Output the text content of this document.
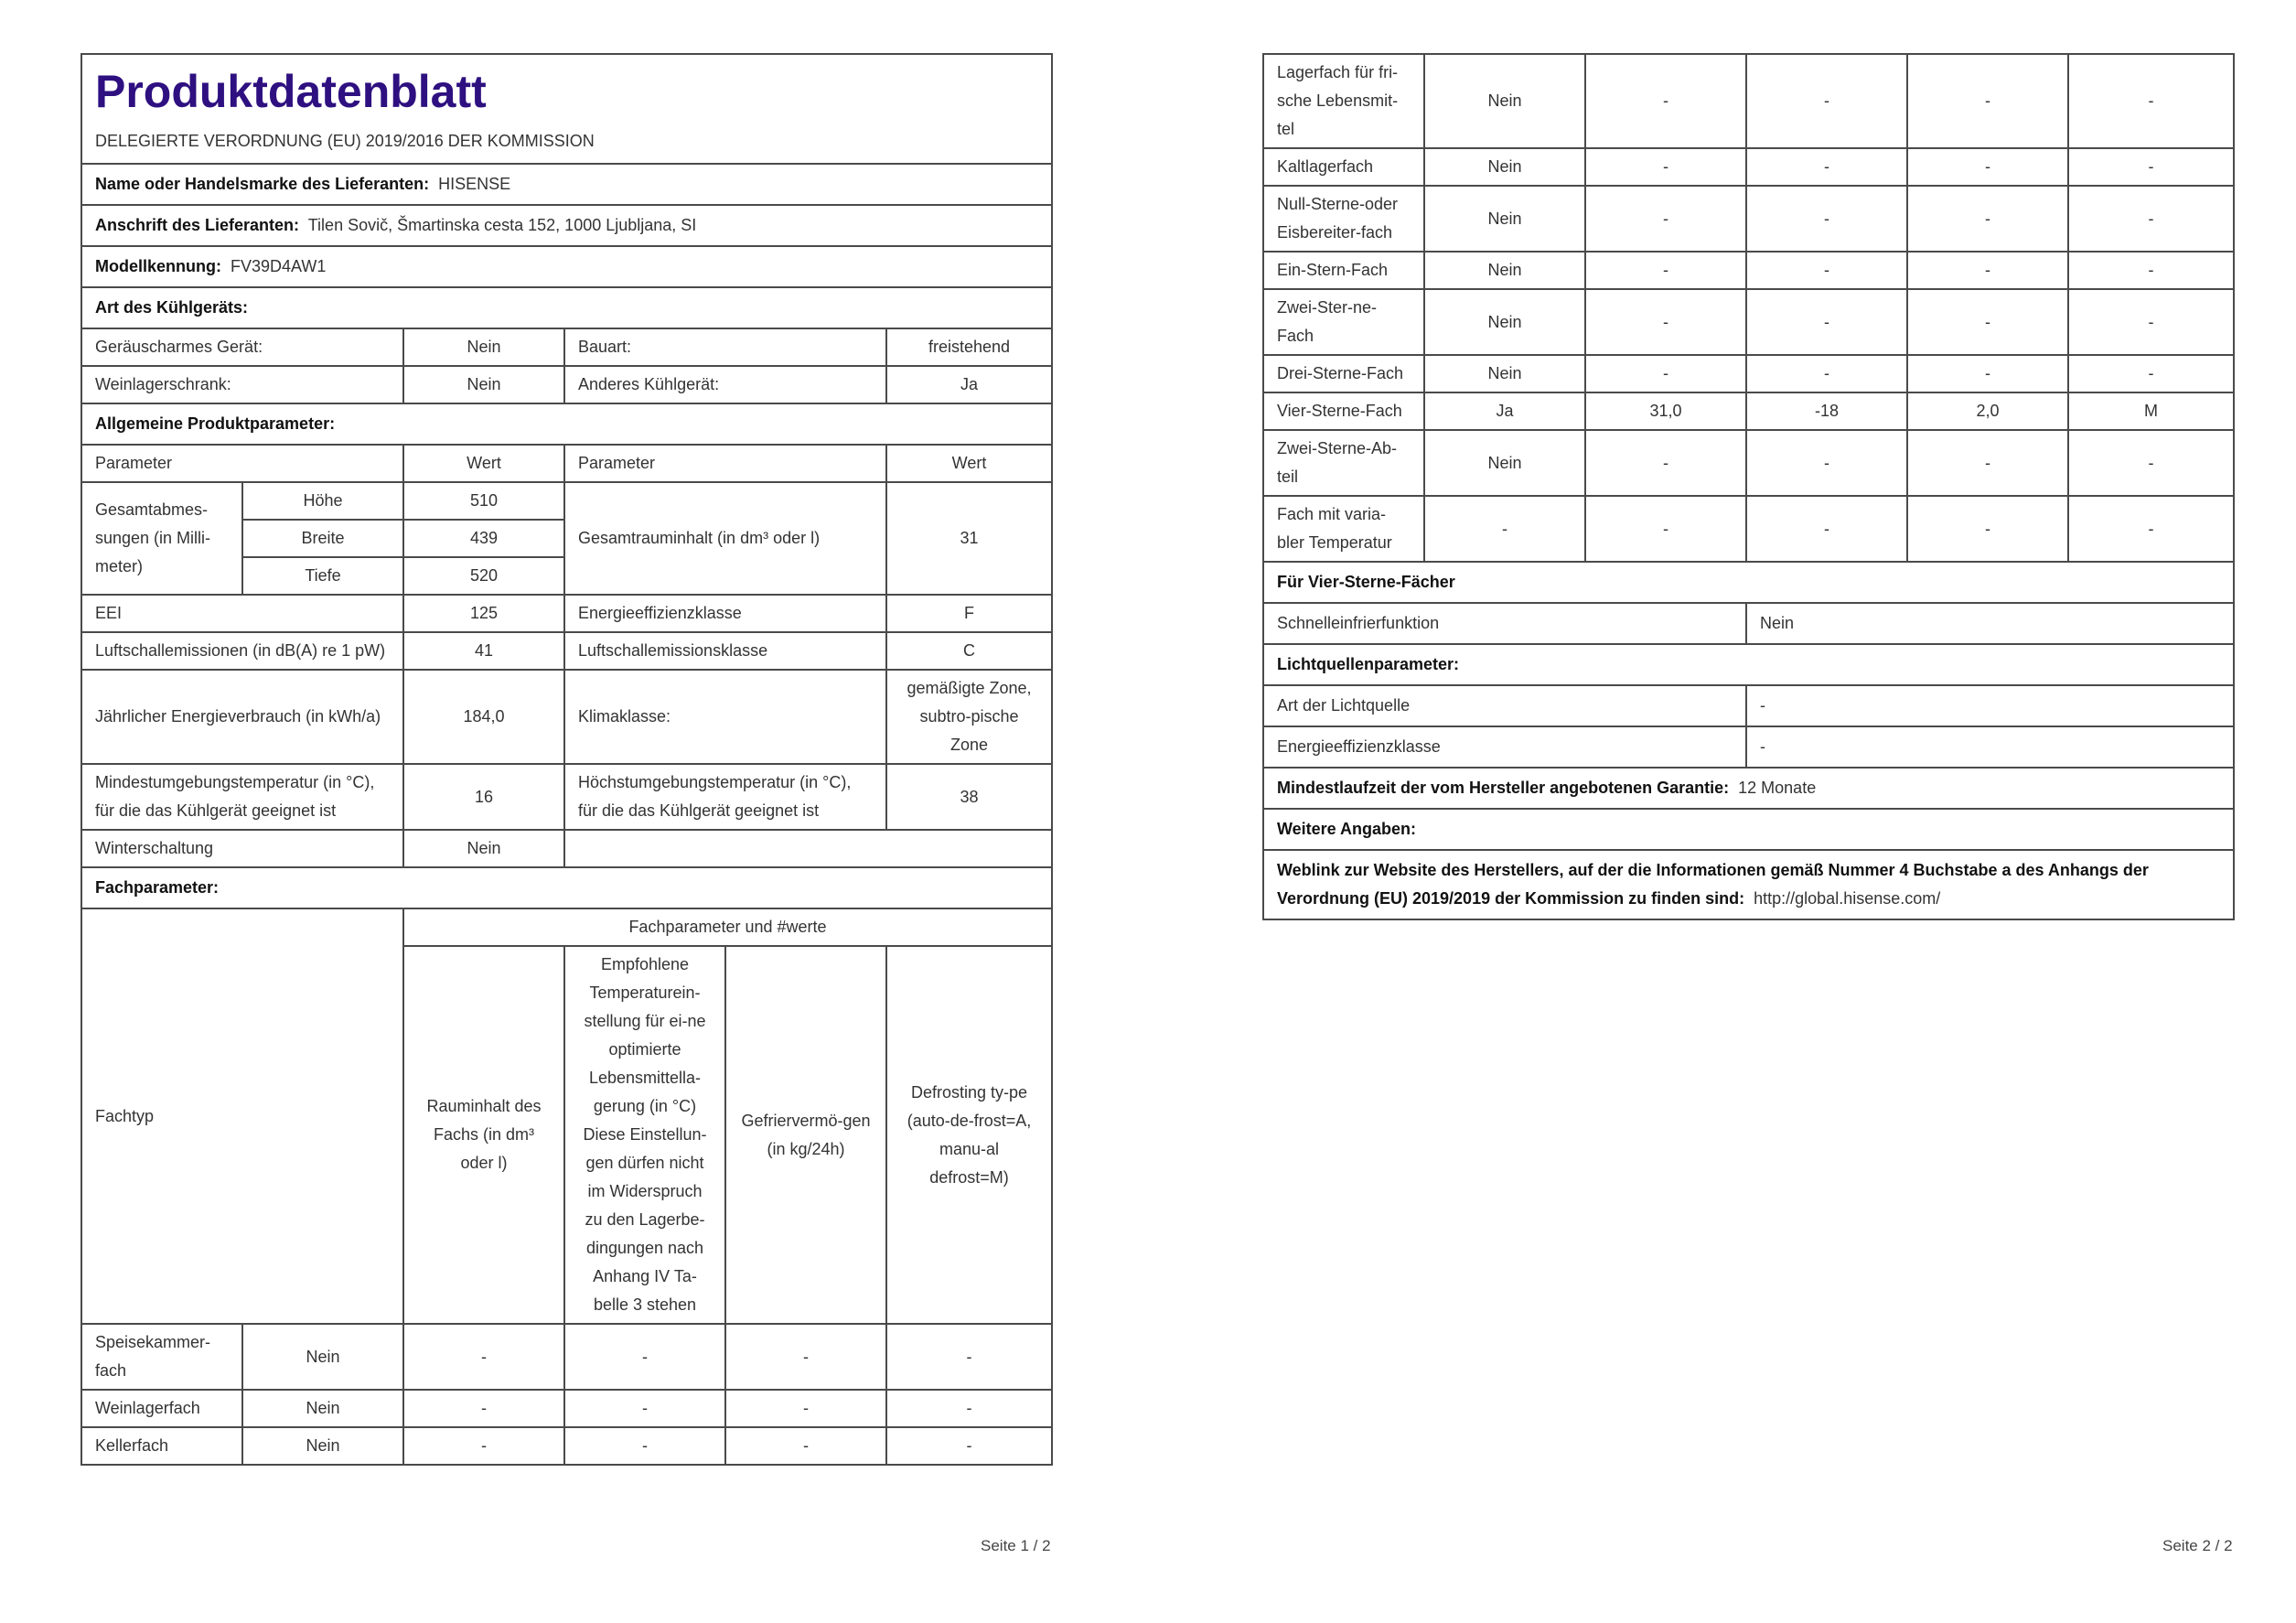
Produktdatenblatt
DELEGIERTE VERORDNUNG (EU) 2019/2016 DER KOMMISSION					

Name oder Handelsmarke des Lieferanten: HISENSE					
Anschrift des Lieferanten: Tilen Sovič, Šmartinska cesta 152, 1000 Ljubljana, SI					
Modellkennung: FV39D4AW1					
Art des Kühlgeräts:					
Geräuscharmes Gerät:		Nein	Bauart:		freistehend
Weinlagerschrank:		Nein	Anderes Kühlgerät:		Ja
Allgemeine Produktparameter:					
Parameter		Wert	Parameter		Wert
Gesamtabmes-sungen (in Milli-meter)	Höhe	510	Gesamtrauminhalt (in dm³ oder l)		31
	Breite	439			
	Tiefe	520			
EEI		125	Energieeffizienzklasse		F
Luftschallemissionen (in dB(A) re 1 pW)		41	Luftschallemissionsklasse		C
Jährlicher Energieverbrauch (in kWh/a)		184,0	Klimaklasse:		gemäßigte Zone, subtro-pische Zone
Mindestumgebungstemperatur (in °C), für die das Kühlgerät geeignet ist		16	Höchstumgebungstemperatur (in °C), für die das Kühlgerät geeignet ist		38
Winterschaltung		Nein			
Fachparameter:					
Fachtyp		Fachparameter und #werte			
		Rauminhalt des Fachs (in dm³ oder l)	Empfohlene Temperaturein-stellung für ei-ne optimierte Lebensmittella-gerung (in °C) Diese Einstellun-gen dürfen nicht im Widerspruch zu den Lagerbe-dingungen nach Anhang IV Ta-belle 3 stehen	Gefriervermö-gen (in kg/24h)	Defrosting ty-pe (auto-de-frost=A, manu-al defrost=M)
Speisekammer-fach	Nein	-	-	-	-
Weinlagerfach	Nein	-	-	-	-
Kellerfach	Nein	-	-	-	-
Seite 1 / 2
Lagerfach für fri-sche Lebensmit-tel	Nein	-	-	-	-
Kaltlagerfach	Nein	-	-	-	-
Null-Sterne-oder Eisbereiter-fach	Nein	-	-	-	-
Ein-Stern-Fach	Nein	-	-	-	-
Zwei-Ster-ne-Fach	Nein	-	-	-	-
Drei-Sterne-Fach	Nein	-	-	-	-
Vier-Sterne-Fach	Ja	31,0	-18	2,0	M
Zwei-Sterne-Ab-teil	Nein	-	-	-	-
Fach mit varia-bler Temperatur	-	-	-	-	-
Für Vier-Sterne-Fächer					
Schnelleinfrierfunktion			Nein		
Lichtquellenparameter:					
Art der Lichtquelle			-		
Energieeffizienzklasse			-		
Mindestlaufzeit der vom Hersteller angebotenen Garantie: 12 Monate					
Weitere Angaben:					
Weblink zur Website des Herstellers, auf der die Informationen gemäß Nummer 4 Buchstabe a des Anhangs der Verordnung (EU) 2019/2019 der Kommission zu finden sind: http://global.hisense.com/					
Seite 2 / 2
